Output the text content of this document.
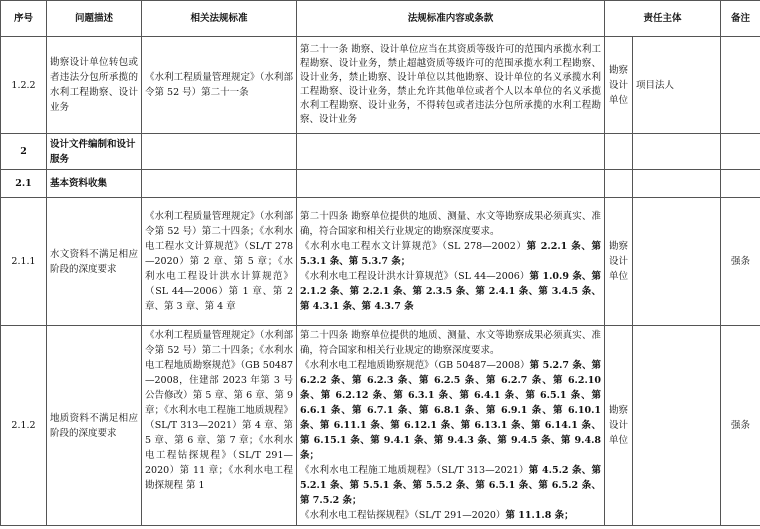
序号	问题描述	相关法规标准	法规标准内容或条款	责任主体		备注
1.2.2	勘察设计单位转包或者违法分包所承揽的水利工程勘察、设计业务	《水利工程质量管理规定》（水利部令第 52 号）第二十一条	第二十一条 勘察、设计单位应当在其资质等级许可的范围内承揽水利工程勘察、设计业务，禁止超越资质等级许可的范围承揽水利工程勘察、设计业务，禁止勘察、设计单位以其他勘察、设计单位的名义承揽水利工程勘察、设计业务，禁止允许其他单位或者个人以本单位的名义承揽水利工程勘察、设计业务，不得转包或者违法分包所承揽的水利工程勘察、设计业务	勘察设计单位	项目法人	
2	设计文件编制和设计服务					
2.1	基本资料收集					
2.1.1	水文资料不满足相应阶段的深度要求	《水利工程质量管理规定》（水利部令第 52 号）第二十四条；《水利水电工程水文计算规范》（SL/T 278—2020）第 2 章、第 5 章；《水利水电工程设计洪水计算规范》（SL 44—2006）第 1 章、第 2 章、第 3 章、第 4 章	第二十四条 勘察单位提供的地质、测量、水文等勘察成果必须真实、准确，符合国家和相关行业规定的勘察深度要求。
《水利水电工程水文计算规范》（SL 278—2002）第 2.2.1 条、第 5.3.1 条、第 5.3.7 条；
《水利水电工程设计洪水计算规范》（SL 44—2006）第 1.0.9 条、第 2.1.2 条、第 2.2.1 条、第 2.3.5 条、第 2.4.1 条、第 3.4.5 条、第 4.3.1 条、第 4.3.7 条	勘察设计单位		强条
2.1.2	地质资料不满足相应阶段的深度要求	《水利工程质量管理规定》（水利部令第 52 号）第二十四条；《水利水电工程地质勘察规范》（GB 50487—2008，住建部 2023 年第 3 号公告修改）第 5 章、第 6 章、第 9 章；《水利水电工程施工地质规程》（SL/T 313—2021）第 4 章、第 5 章、第 6 章、第 7 章；《水利水电工程钻探规程》（SL/T 291—2020）第 11 章；《水利水电工程勘探规程 第 1	第二十四条 勘察单位提供的地质、测量、水文等勘察成果必须真实、准确，符合国家和相关行业规定的勘察深度要求。
《水利水电工程地质勘察规范》（GB 50487—2008）第 5.2.7 条、第 6.2.2 条、第 6.2.3 条、第 6.2.5 条、第 6.2.7 条、第 6.2.10 条、第 6.2.12 条、第 6.3.1 条、第 6.4.1 条、第 6.5.1 条、第 6.6.1 条、第 6.7.1 条、第 6.8.1 条、第 6.9.1 条、第 6.10.1 条、第 6.11.1 条、第 6.12.1 条、第 6.13.1 条、第 6.14.1 条、第 6.15.1 条、第 9.4.1 条、第 9.4.3 条、第 9.4.5 条、第 9.4.8 条；
《水利水电工程施工地质规程》（SL/T 313—2021）第 4.5.2 条、第 5.2.1 条、第 5.5.1 条、第 5.5.2 条、第 6.5.1 条、第 6.5.2 条、第 7.5.2 条；
《水利水电工程钻探规程》（SL/T 291—2020）第 11.1.8 条；	勘察设计单位		强条
